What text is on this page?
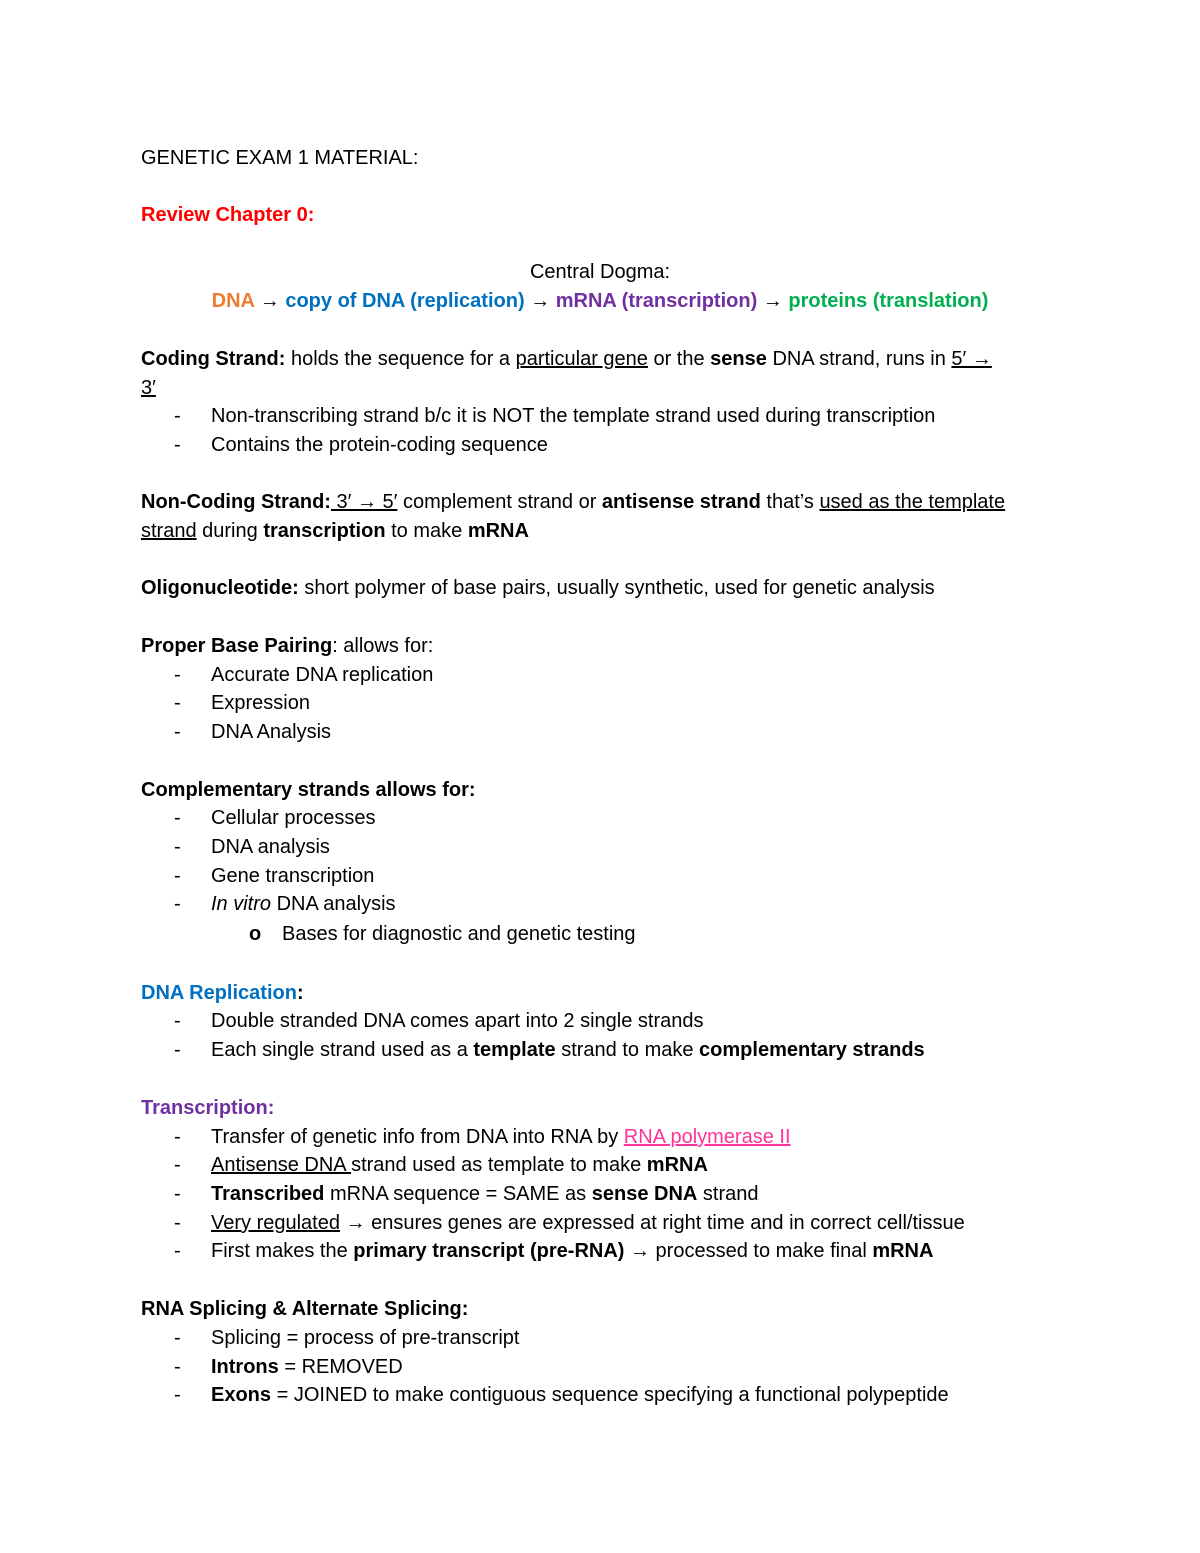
GENETIC EXAM 1 MATERIAL:
Review Chapter 0:
Central Dogma:
DNA → copy of DNA (replication) → mRNA (transcription) → proteins (translation)
Coding Strand: holds the sequence for a particular gene or the sense DNA strand, runs in 5′ →
3′
- Non-transcribing strand b/c it is NOT the template strand used during transcription
- Contains the protein-coding sequence
Non-Coding Strand: 3′ → 5′ complement strand or antisense strand that’s used as the template
strand during transcription to make mRNA
Oligonucleotide: short polymer of base pairs, usually synthetic, used for genetic analysis
Proper Base Pairing: allows for:
- Accurate DNA replication
- Expression
- DNA Analysis
Complementary strands allows for:
- Cellular processes
- DNA analysis
- Gene transcription
- In vitro DNA analysis
o Bases for diagnostic and genetic testing
DNA Replication:
- Double stranded DNA comes apart into 2 single strands
- Each single strand used as a template strand to make complementary strands
Transcription:
- Transfer of genetic info from DNA into RNA by RNA polymerase II
- Antisense DNA strand used as template to make mRNA
- Transcribed mRNA sequence = SAME as sense DNA strand
- Very regulated → ensures genes are expressed at right time and in correct cell/tissue
- First makes the primary transcript (pre-RNA) → processed to make final mRNA
RNA Splicing & Alternate Splicing:
- Splicing = process of pre-transcript
- Introns = REMOVED
- Exons = JOINED to make contiguous sequence specifying a functional polypeptide
